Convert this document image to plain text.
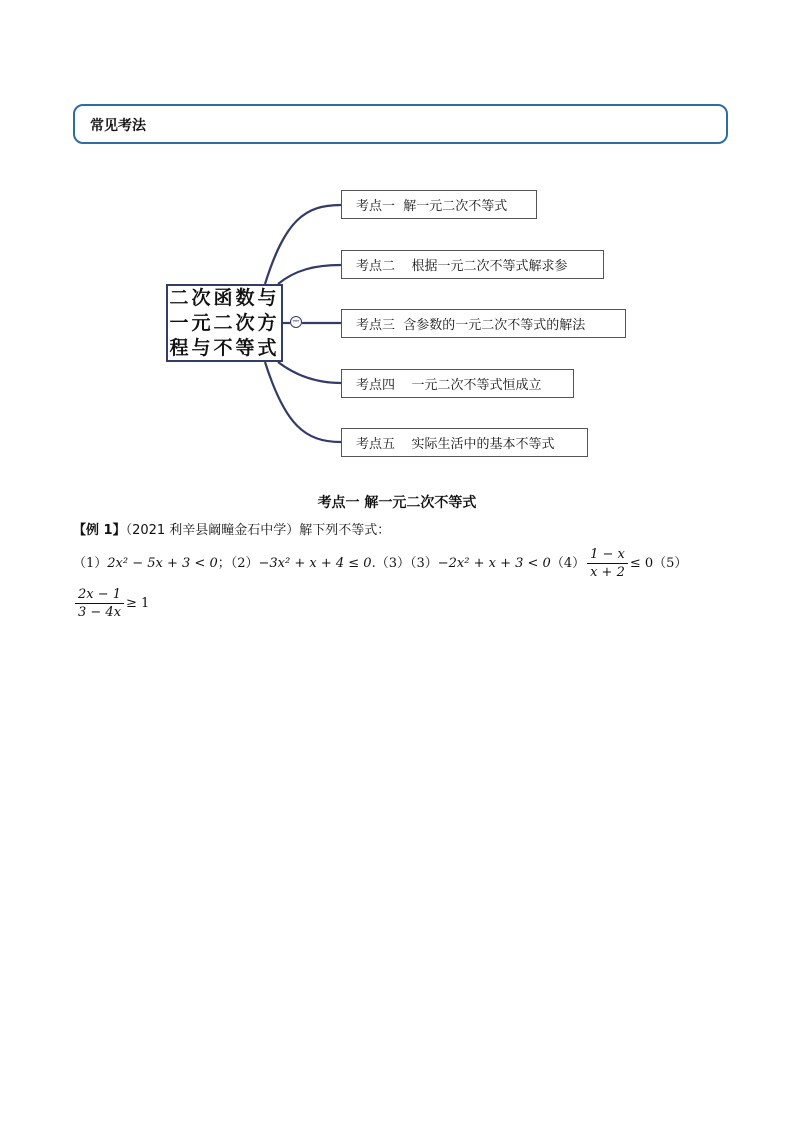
常见考法
二次函数与
一元二次方
程与不等式
−
考点一  解一元二次不等式
考点二    根据一元二次不等式解求参
考点三  含参数的一元二次不等式的解法
考点四    一元二次不等式恒成立
考点五    实际生活中的基本不等式
考点一 解一元二次不等式
【例 1】（2021 利辛县阚疃金石中学）解下列不等式：
（1）2x² − 5x + 3 < 0；$(2)-3x^2 + x + 4 \le 0.(3)(3)-2x^2 + x + 3 < 0(4) \frac{1 - x}{x + 2} \le 0(5)$
$\frac{2x - 1}{3 - 4x} \ge 1$
